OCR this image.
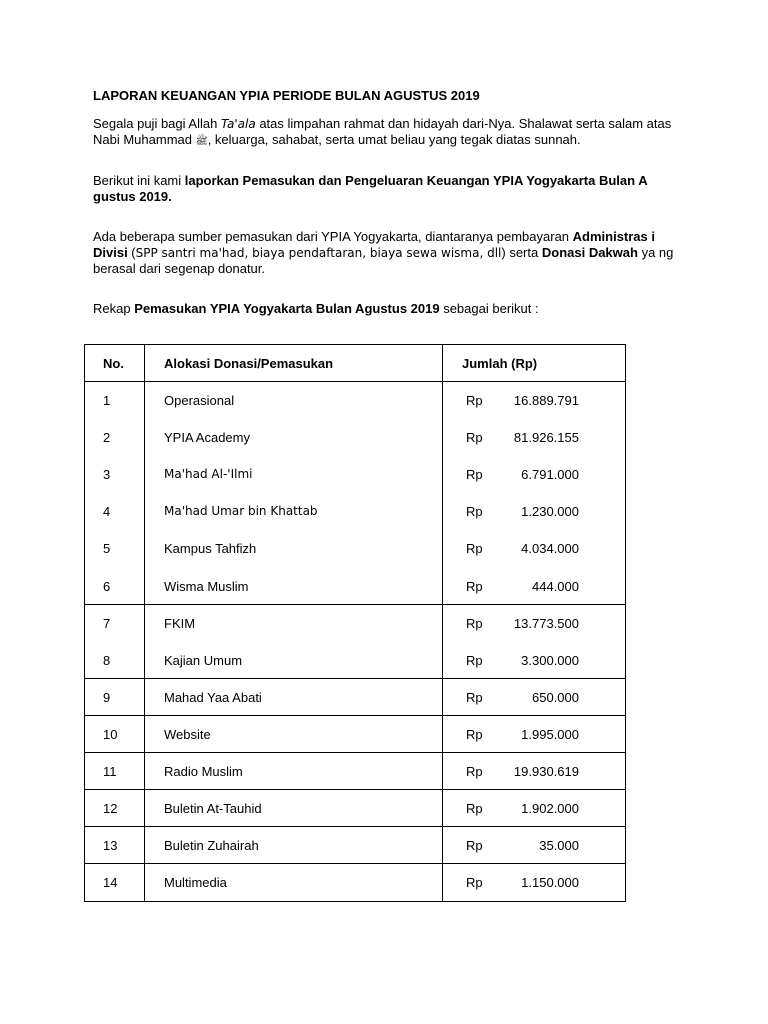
LAPORAN KEUANGAN YPIA PERIODE BULAN AGUSTUS 2019

Segala puji bagi Allah Ta'ala atas limpahan rahmat dan hidayah dari-Nya. Shalawat serta salam atas Nabi Muhammad ﷺ, keluarga, sahabat, serta umat beliau yang tegak diatas sunnah.

Berikut ini kami laporkan Pemasukan dan Pengeluaran Keuangan YPIA Yogyakarta Bulan A gustus 2019.

Ada beberapa sumber pemasukan dari YPIA Yogyakarta, diantaranya pembayaran Administras i Divisi (SPP santri ma'had, biaya pendaftaran, biaya sewa wisma, dll) serta Donasi Dakwah ya ng berasal dari segenap donatur.

Rekap Pemasukan YPIA Yogyakarta Bulan Agustus 2019 sebagai berikut :

No.	Alokasi Donasi/Pemasukan	Jumlah (Rp)
1	Operasional	Rp 16.889.791
2	YPIA Academy	Rp 81.926.155
3	Ma'had Al-'Ilmi	Rp	6.791.000
4	Ma'had Umar bin Khattab	Rp	1.230.000
5	Kampus Tahfizh	Rp	4.034.000
6	Wisma Muslim	Rp	444.000
7	FKIM	Rp 13.773.500
8	Kajian Umum	Rp	3.300.000
9	Mahad Yaa Abati	Rp	650.000
10	Website	Rp	1.995.000
11	Radio Muslim	Rp 19.930.619
12	Buletin At-Tauhid	Rp	1.902.000
13	Buletin Zuhairah	Rp	35.000
14	Multimedia	Rp	1.150.000
